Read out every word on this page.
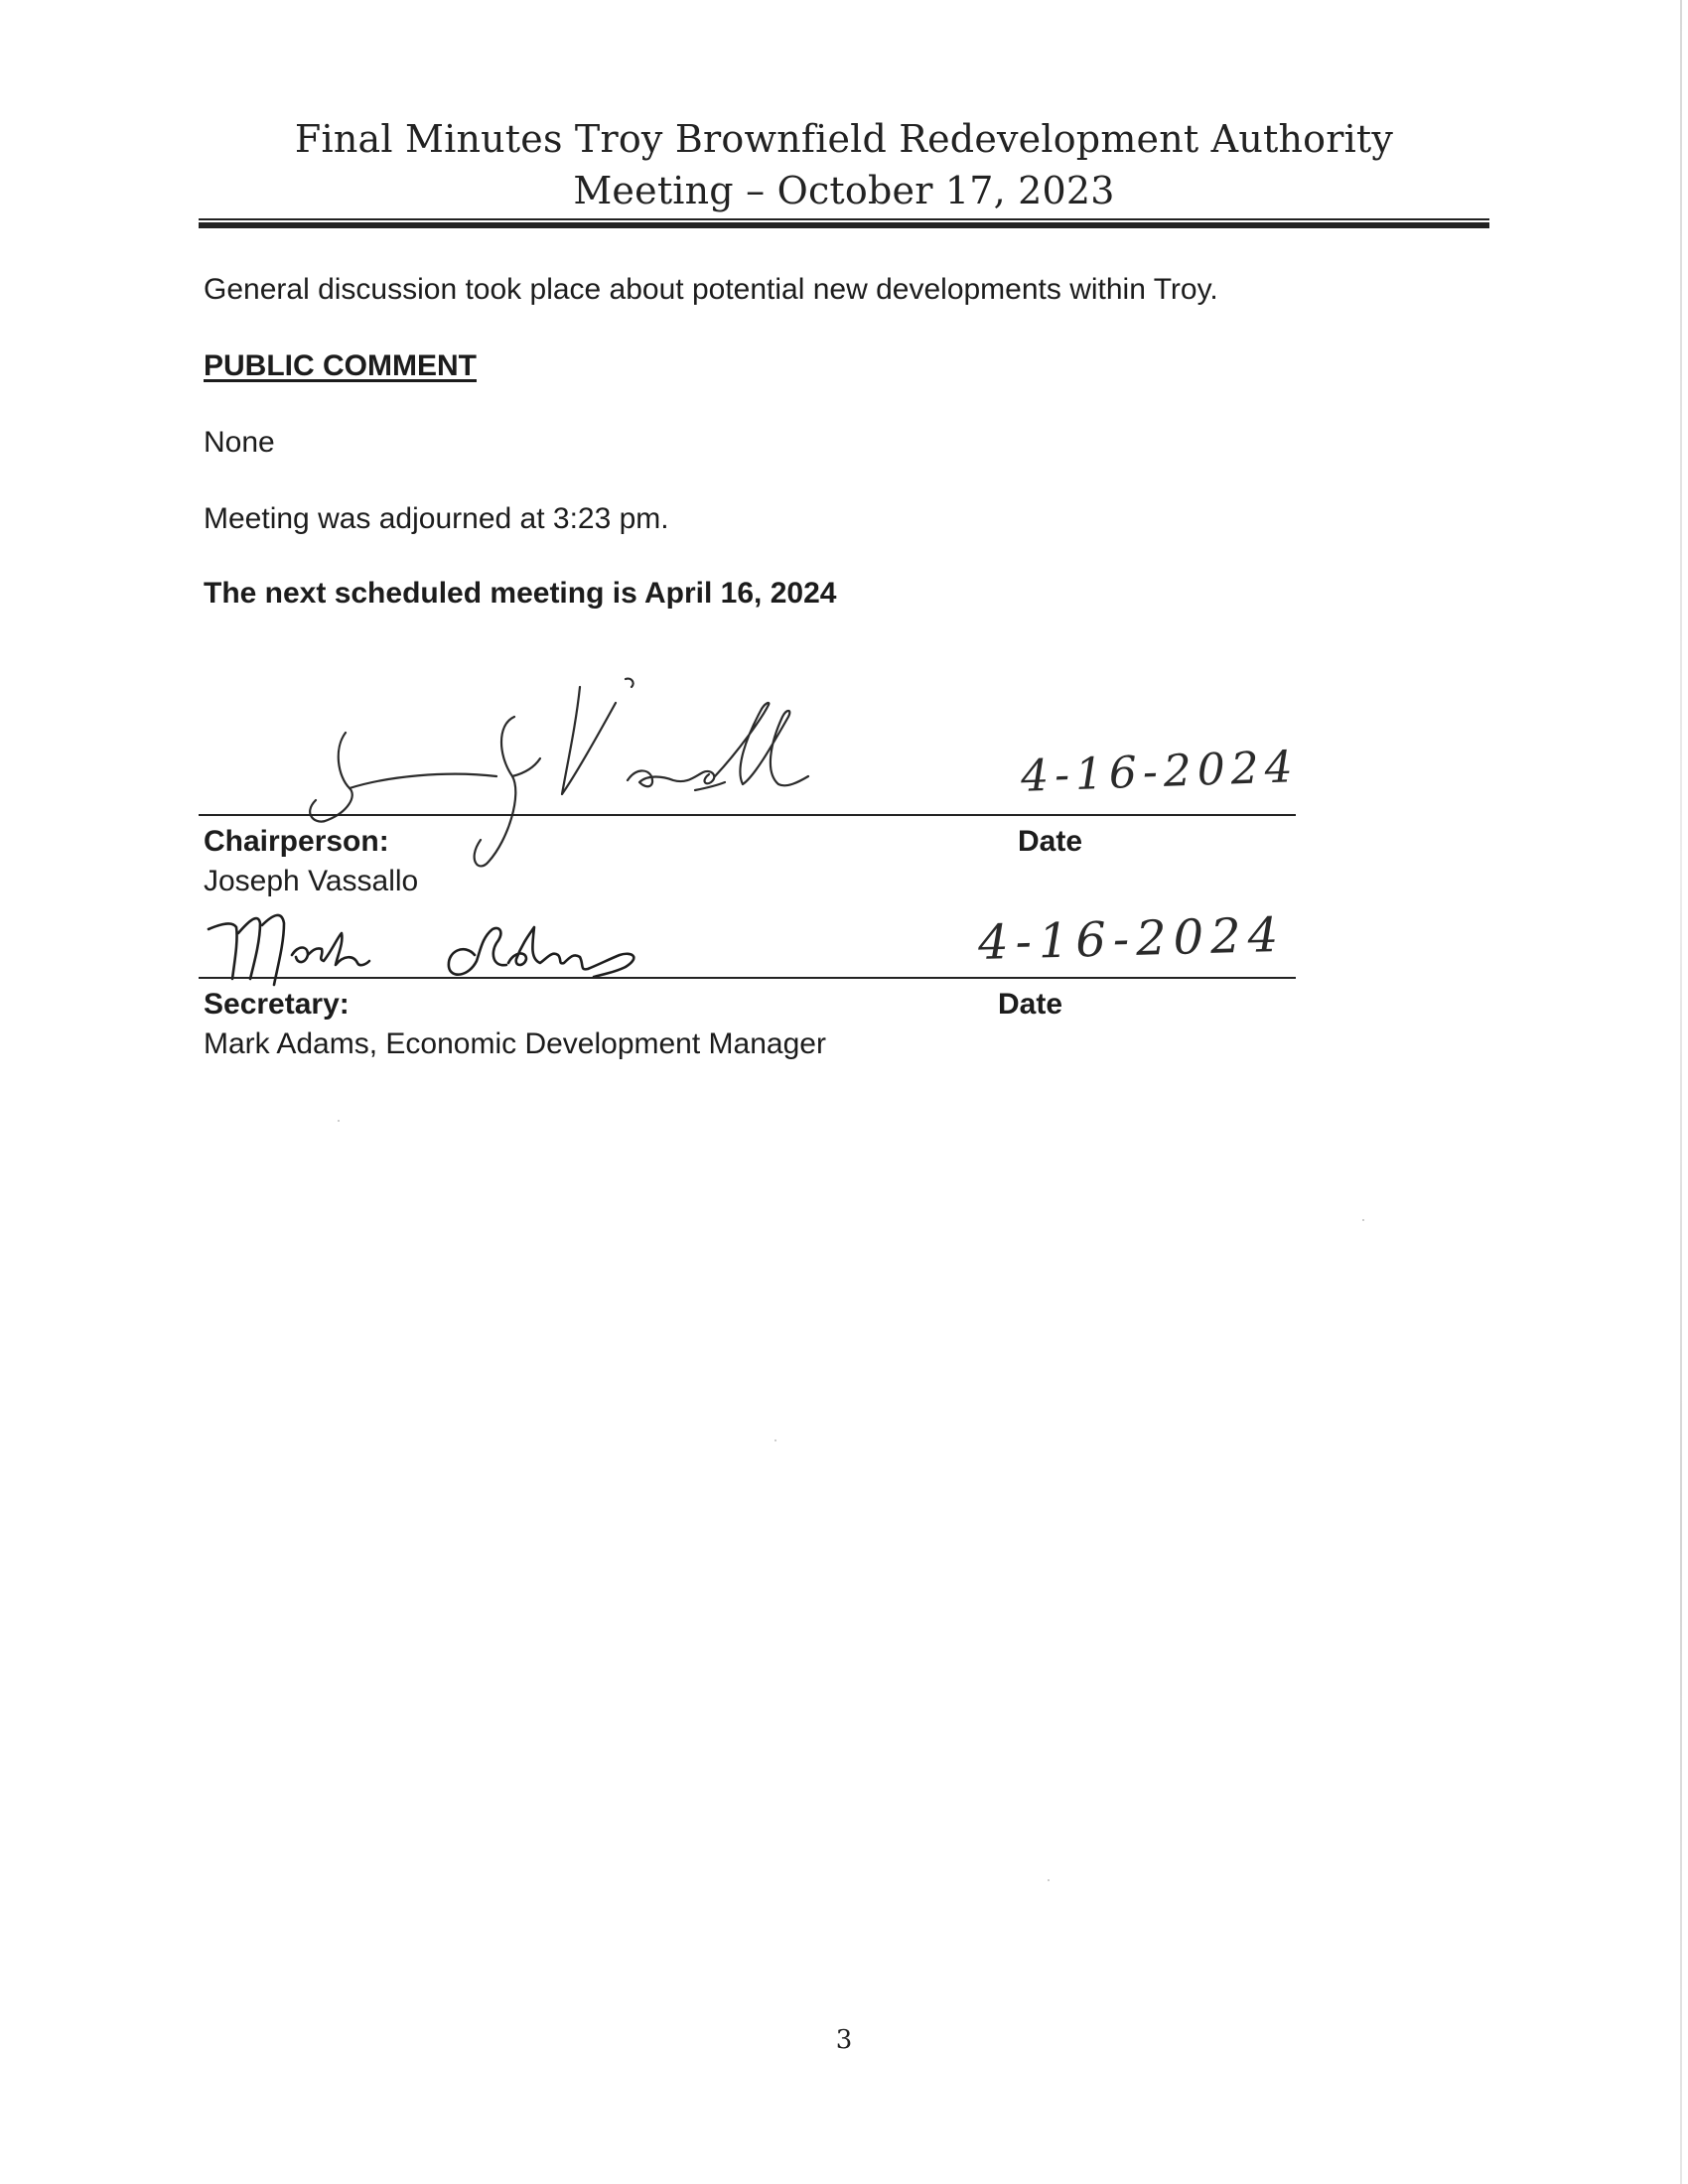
Final Minutes Troy Brownfield Redevelopment Authority
Meeting – October 17, 2023
General discussion took place about potential new developments within Troy.
PUBLIC COMMENT
None
Meeting was adjourned at 3:23 pm.
The next scheduled meeting is April 16, 2024
4-16-2024
Chairperson:
Joseph Vassallo
Date
4-16-2024
Secretary:
Mark Adams, Economic Development Manager
Date
3
